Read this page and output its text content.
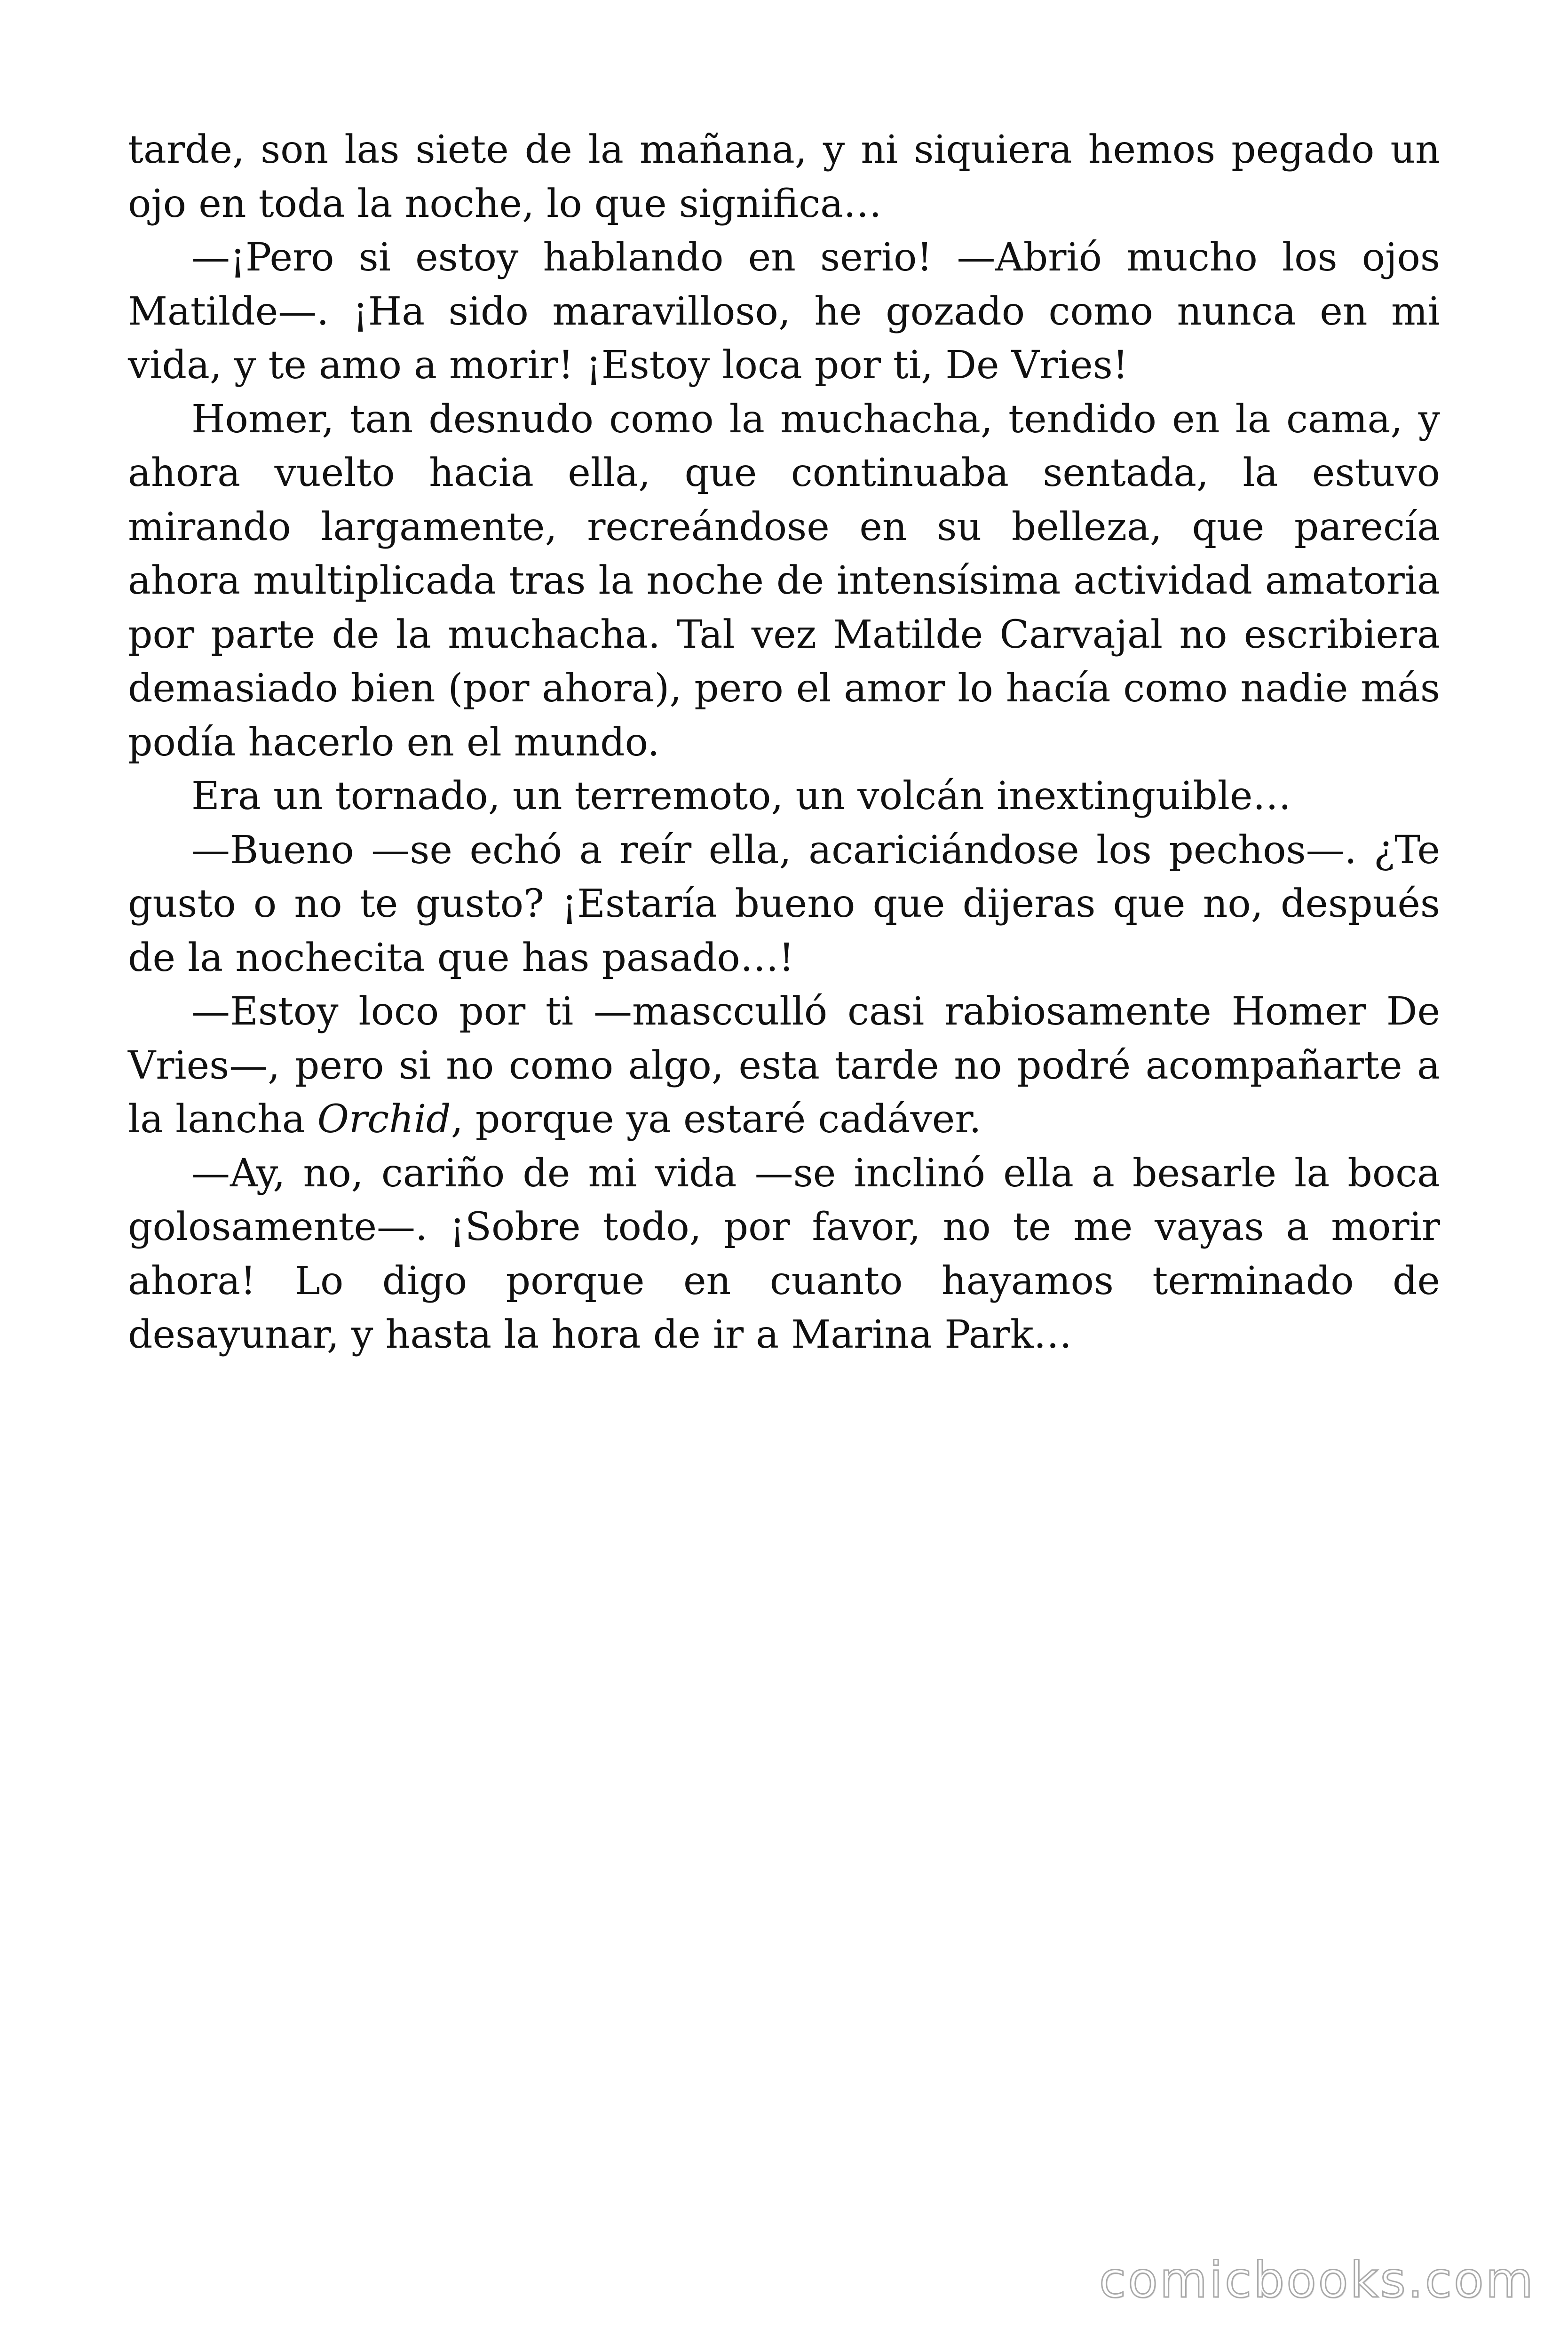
tarde, son las siete de la mañana, y ni siquiera hemos pegado un ojo en toda la noche, lo que significa…

—¡Pero si estoy hablando en serio! —Abrió mucho los ojos Matilde—. ¡Ha sido maravilloso, he gozado como nunca en mi vida, y te amo a morir! ¡Estoy loca por ti, De Vries!

Homer, tan desnudo como la muchacha, tendido en la cama, y ahora vuelto hacia ella, que continuaba sentada, la estuvo mirando largamente, recreándose en su belleza, que parecía ahora multiplicada tras la noche de intensísima actividad amatoria por parte de la muchacha. Tal vez Matilde Carvajal no escribiera demasiado bien (por ahora), pero el amor lo hacía como nadie más podía hacerlo en el mundo.

Era un tornado, un terremoto, un volcán inextinguible…

—Bueno —se echó a reír ella, acariciándose los pechos—. ¿Te gusto o no te gusto? ¡Estaría bueno que dijeras que no, después de la nochecita que has pasado…!

—Estoy loco por ti —mascculló casi rabiosamente Homer De Vries—, pero si no como algo, esta tarde no podré acompañarte a la lancha Orchid, porque ya estaré cadáver.

—Ay, no, cariño de mi vida —se inclinó ella a besarle la boca golosamente—. ¡Sobre todo, por favor, no te me vayas a morir ahora! Lo digo porque en cuanto hayamos terminado de desayunar, y hasta la hora de ir a Marina Park…

comicbooks.com
